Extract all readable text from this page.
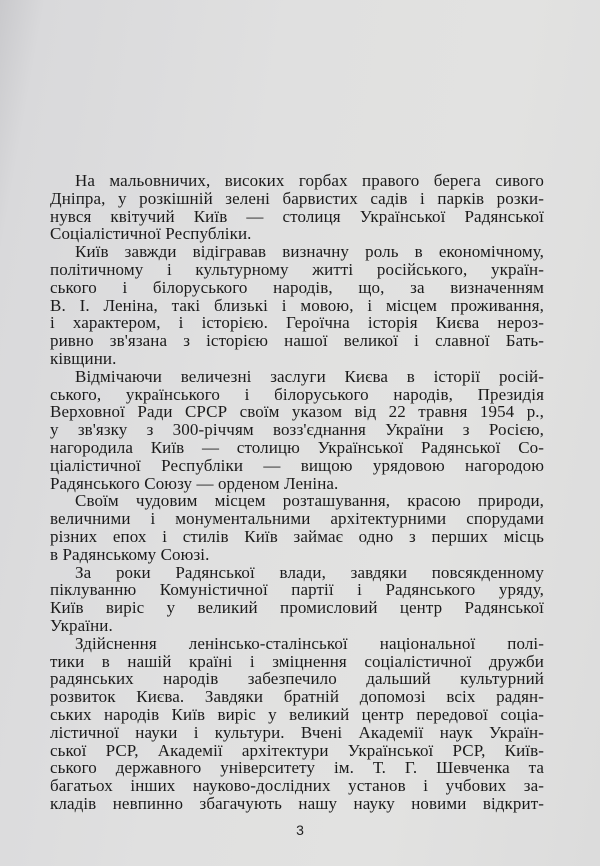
На мальовничих, високих горбах правого берега сивого
Дніпра, у розкішній зелені барвистих садів і парків розки-
нувся квітучий Київ — столиця Української Радянської
Соціалістичної Республіки.
Київ завжди відігравав визначну роль в економічному,
політичному і культурному житті російського, україн-
ського і білоруського народів, що, за визначенням
В. І. Леніна, такі близькі і мовою, і місцем проживання,
і характером, і історією. Героїчна історія Києва нероз-
ривно зв'язана з історією нашої великої і славної Бать-
ківщини.
Відмічаючи величезні заслуги Києва в історії росій-
ського, українського і білоруського народів, Президія
Верховної Ради СРСР своїм указом від 22 травня 1954 р.,
у зв'язку з 300-річчям возз'єднання України з Росією,
нагородила Київ — столицю Української Радянської Со-
ціалістичної Республіки — вищою урядовою нагородою
Радянського Союзу — орденом Леніна.
Своїм чудовим місцем розташування, красою природи,
величними і монументальними архітектурними спорудами
різних епох і стилів Київ займає одно з перших місць
в Радянському Союзі.
За роки Радянської влади, завдяки повсякденному
піклуванню Комуністичної партії і Радянського уряду,
Київ виріс у великий промисловий центр Радянської
України.
Здійснення ленінсько-сталінської національної полі-
тики в нашій країні і зміцнення соціалістичної дружби
радянських народів забезпечило дальший культурний
розвиток Києва. Завдяки братній допомозі всіх радян-
ських народів Київ виріс у великий центр передової соціа-
лістичної науки і культури. Вчені Академії наук Україн-
ської РСР, Академії архітектури Української РСР, Київ-
ського державного університету ім. Т. Г. Шевченка та
багатьох інших науково-дослідних установ і учбових за-
кладів невпинно збагачують нашу науку новими відкрит-
3
